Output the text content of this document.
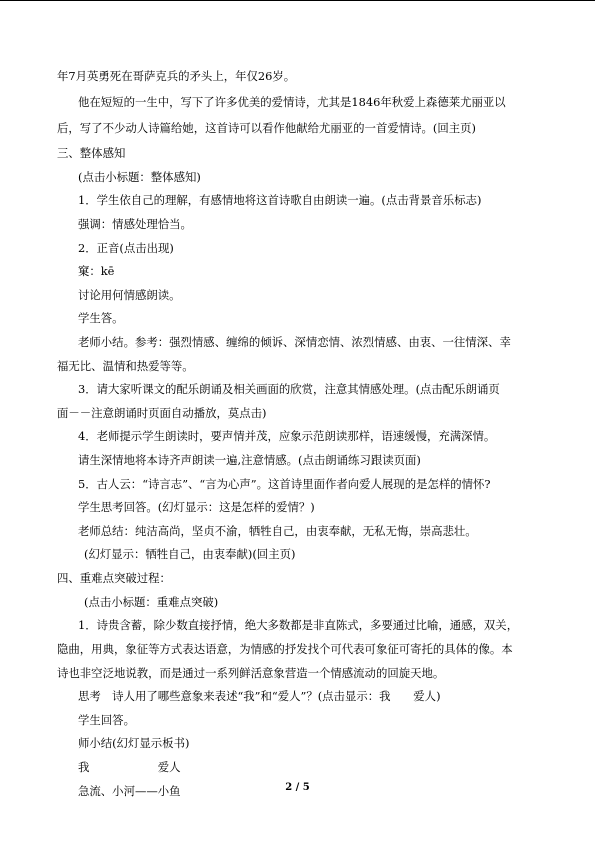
年7月英勇死在哥萨克兵的矛头上，年仅26岁。
他在短短的一生中，写下了许多优美的爱情诗，尤其是1846年秋爱上森德莱尤丽亚以
后，写了不少动人诗篇给她，这首诗可以看作他献给尤丽亚的一首爱情诗。(回主页)
三、整体感知
(点击小标题：整体感知)
1．学生依自己的理解，有感情地将这首诗歌自由朗读一遍。(点击背景音乐标志)
强调：情感处理恰当。
2．正音(点击出现)
窠：kē
讨论用何情感朗读。
学生答。
老师小结。参考：强烈情感、缠绵的倾诉、深情恋情、浓烈情感、由衷、一往情深、幸
福无比、温情和热爱等等。
3．请大家听课文的配乐朗诵及相关画面的欣赏，注意其情感处理。(点击配乐朗诵页
面－－注意朗诵时页面自动播放，莫点击)
4．老师提示学生朗读时，要声情并茂，应象示范朗读那样，语速缓慢，充满深情。
请生深情地将本诗齐声朗读一遍,注意情感。(点击朗诵练习跟读页面)
5．古人云：“诗言志”、“言为心声”。这首诗里面作者向爱人展现的是怎样的情怀?
学生思考回答。(幻灯显示：这是怎样的爱情？)
老师总结：纯洁高尚，坚贞不渝，牺牲自己，由衷奉献，无私无悔，崇高悲壮。
(幻灯显示：牺牲自己，由衷奉献)(回主页)
四、重难点突破过程：
(点击小标题：重难点突破)
1．诗贵含蓄，除少数直接抒情，绝大多数都是非直陈式，多要通过比喻，通感，双关，
隐曲，用典，象征等方式表达语意，为情感的抒发找个可代表可象征可寄托的具体的像。本
诗也非空泛地说教，而是通过一系列鲜活意象营造一个情感流动的回旋天地。
思考　诗人用了哪些意象来表述“我”和“爱人”？(点击显示：我　　爱人)
学生回答。
师小结(幻灯显示板书)
我　　　　　　爱人
急流、小河——小鱼	2 / 5
